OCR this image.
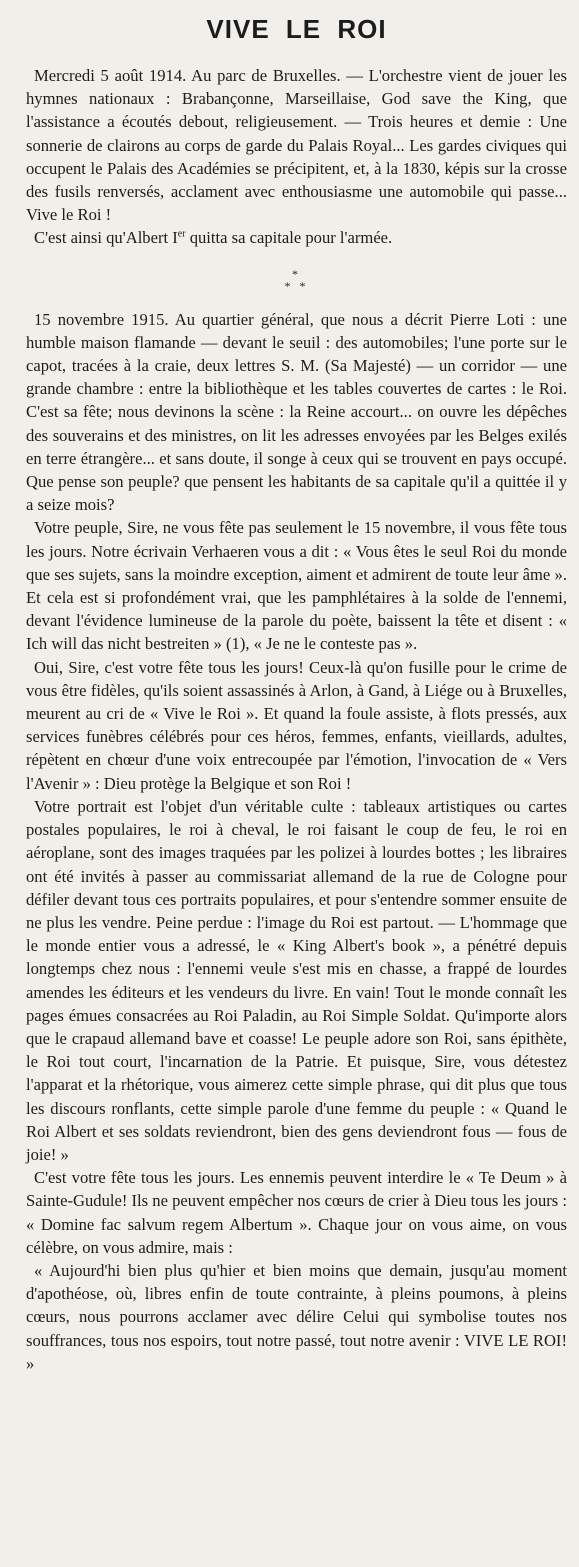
VIVE LE ROI

Mercredi 5 août 1914. Au parc de Bruxelles. — L'orchestre vient de jouer les hymnes nationaux : Brabançonne, Marseillaise, God save the King, que l'assistance a écoutés debout, religieusement. — Trois heures et demie : Une sonnerie de clairons au corps de garde du Palais Royal... Les gardes civiques qui occupent le Palais des Académies se précipitent, et, à la 1830, képis sur la crosse des fusils renversés, acclament avec enthousiasme une automobile qui passe... Vive le Roi !

C'est ainsi qu'Albert Ier quitta sa capitale pour l'armée.

*
* *

15 novembre 1915. Au quartier général, que nous a décrit Pierre Loti : une humble maison flamande — devant le seuil : des automobiles; l'une porte sur le capot, tracées à la craie, deux lettres S. M. (Sa Majesté) — un corridor — une grande chambre : entre la bibliothèque et les tables couvertes de cartes : le Roi. C'est sa fête; nous devinons la scène : la Reine accourt... on ouvre les dépêches des souverains et des ministres, on lit les adresses envoyées par les Belges exilés en terre étrangère... et sans doute, il songe à ceux qui se trouvent en pays occupé. Que pense son peuple? que pensent les habitants de sa capitale qu'il a quittée il y a seize mois?

Votre peuple, Sire, ne vous fête pas seulement le 15 novembre, il vous fête tous les jours. Notre écrivain Verhaeren vous a dit : « Vous êtes le seul Roi du monde que ses sujets, sans la moindre exception, aiment et admirent de toute leur âme ». Et cela est si profondément vrai, que les pamphlétaires à la solde de l'ennemi, devant l'évidence lumineuse de la parole du poète, baissent la tête et disent : « Ich will das nicht bestreiten » (1), « Je ne le conteste pas ».

Oui, Sire, c'est votre fête tous les jours! Ceux-là qu'on fusille pour le crime de vous être fidèles, qu'ils soient assassinés à Arlon, à Gand, à Liége ou à Bruxelles, meurent au cri de « Vive le Roi ». Et quand la foule assiste, à flots pressés, aux services funèbres célébrés pour ces héros, femmes, enfants, vieillards, adultes, répètent en chœur d'une voix entrecoupée par l'émotion, l'invocation de « Vers l'Avenir » : Dieu protège la Belgique et son Roi !

Votre portrait est l'objet d'un véritable culte : tableaux artistiques ou cartes postales populaires, le roi à cheval, le roi faisant le coup de feu, le roi en aéroplane, sont des images traquées par les polizei à lourdes bottes ; les libraires ont été invités à passer au commissariat allemand de la rue de Cologne pour défiler devant tous ces portraits populaires, et pour s'entendre sommer ensuite de ne plus les vendre. Peine perdue : l'image du Roi est partout. — L'hommage que le monde entier vous a adressé, le « King Albert's book », a pénétré depuis longtemps chez nous : l'ennemi veule s'est mis en chasse, a frappé de lourdes amendes les éditeurs et les vendeurs du livre. En vain! Tout le monde connaît les pages émues consacrées au Roi Paladin, au Roi Simple Soldat. Qu'importe alors que le crapaud allemand bave et coasse! Le peuple adore son Roi, sans épithète, le Roi tout court, l'incarnation de la Patrie. Et puisque, Sire, vous détestez l'apparat et la rhétorique, vous aimerez cette simple phrase, qui dit plus que tous les discours ronflants, cette simple parole d'une femme du peuple : « Quand le Roi Albert et ses soldats reviendront, bien des gens deviendront fous — fous de joie! »

C'est votre fête tous les jours. Les ennemis peuvent interdire le « Te Deum » à Sainte-Gudule! Ils ne peuvent empêcher nos cœurs de crier à Dieu tous les jours : « Domine fac salvum regem Albertum ». Chaque jour on vous aime, on vous célèbre, on vous admire, mais :

« Aujourd'hi bien plus qu'hier et bien moins que demain, jusqu'au moment d'apothéose, où, libres enfin de toute contrainte, à pleins poumons, à pleins cœurs, nous pourrons acclamer avec délire Celui qui symbolise toutes nos souffrances, tous nos espoirs, tout notre passé, tout notre avenir : VIVE LE ROI! »
